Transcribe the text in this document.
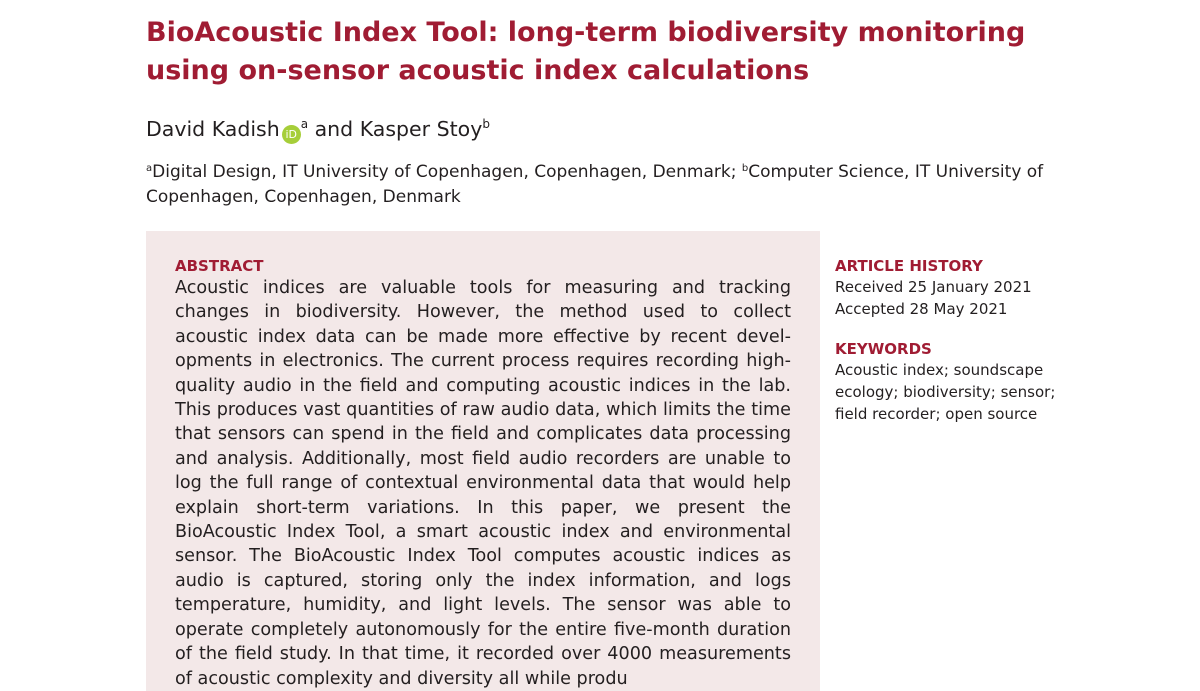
BioAcoustic Index Tool: long-term biodiversity monitoring using on-sensor acoustic index calculations
David Kadish $iD^a$ and Kasper Stoy$^b$
$^a$Digital Design, IT University of Copenhagen, Copenhagen, Denmark; $^b$Computer Science, IT University of Copenhagen, Copenhagen, Denmark
ABSTRACT
Acoustic indices are valuable tools for measuring and tracking changes in biodiversity. However, the method used to collect acoustic index data can be made more effective by recent developments in electronics. The current process requires recording high-quality audio in the field and computing acoustic indices in the lab. This produces vast quantities of raw audio data, which limits the time that sensors can spend in the field and complicates data processing and analysis. Additionally, most field audio recorders are unable to log the full range of contextual environmental data that would help explain short-term variations. In this paper, we present the BioAcoustic Index Tool, a smart acoustic index and environmental sensor. The BioAcoustic Index Tool computes acoustic indices as audio is captured, storing only the index information, and logs temperature, humidity, and light levels. The sensor was able to operate completely autonomously for the entire five-month duration of the field study. In that time, it recorded over 4000 measurements of acoustic complexity and diversity all while produ
ARTICLE HISTORY
Received 25 January 2021
Accepted 28 May 2021
KEYWORDS
Acoustic index; soundscape
ecology; biodiversity; sensor;
field recorder; open source
